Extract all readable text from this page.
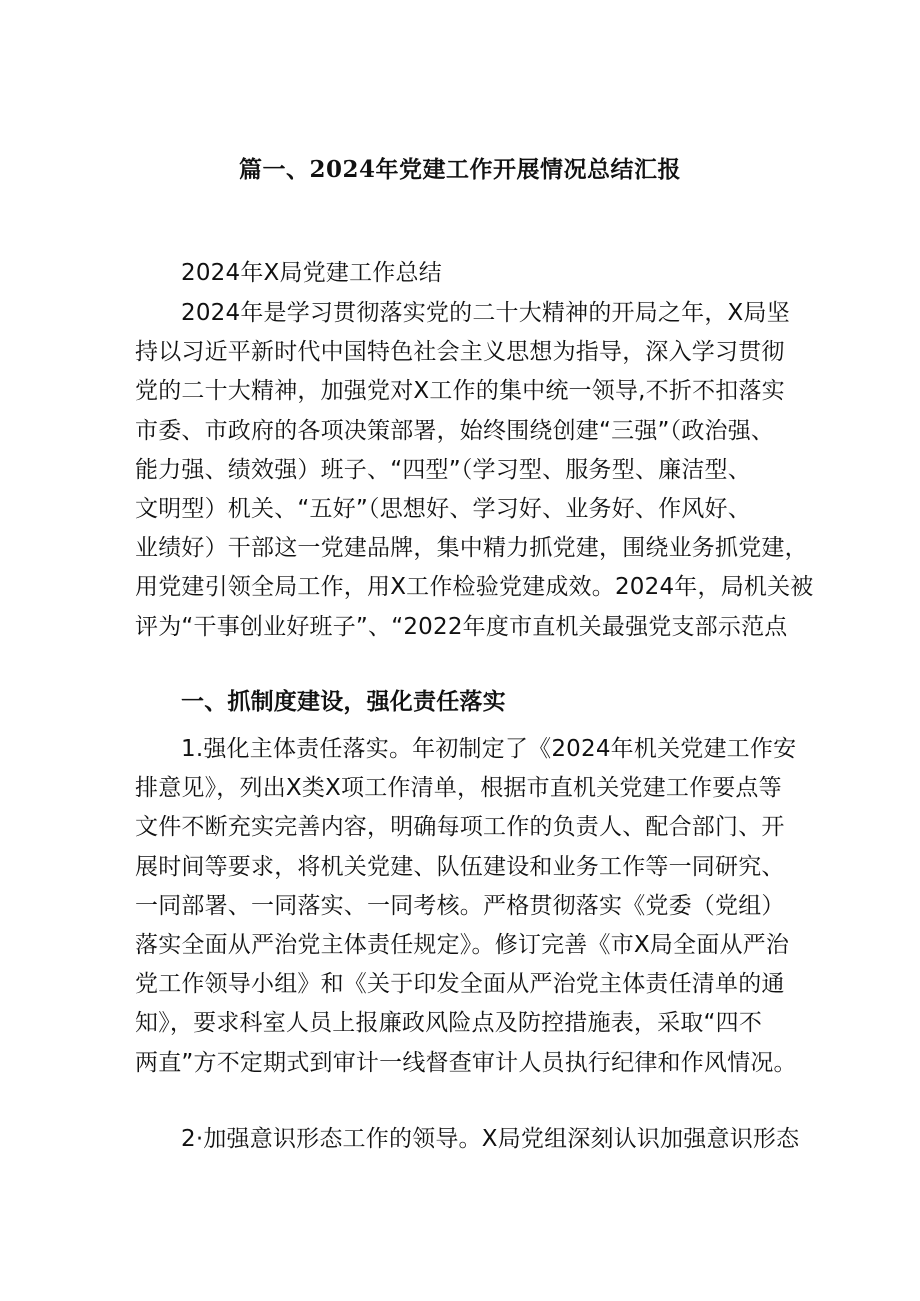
篇一、2024年党建工作开展情况总结汇报
2024年X局党建工作总结
2024年是学习贯彻落实党的二十大精神的开局之年，X局坚
持以习近平新时代中国特色社会主义思想为指导，深入学习贯彻
党的二十大精神，加强党对X工作的集中统一领导,不折不扣落实
市委、市政府的各项决策部署，始终围绕创建“三强”（政治强、
能力强、绩效强）班子、“四型”（学习型、服务型、廉洁型、
文明型）机关、“五好”（思想好、学习好、业务好、作风好、
业绩好）干部这一党建品牌，集中精力抓党建，围绕业务抓党建，
用党建引领全局工作，用X工作检验党建成效。2024年，局机关被
评为“干事创业好班子”、“2022年度市直机关最强党支部示范点
一、抓制度建设，强化责任落实
1.强化主体责任落实。年初制定了《2024年机关党建工作安
排意见》，列出X类X项工作清单，根据市直机关党建工作要点等
文件不断充实完善内容，明确每项工作的负责人、配合部门、开
展时间等要求，将机关党建、队伍建设和业务工作等一同研究、
一同部署、一同落实、一同考核。严格贯彻落实《党委（党组）
落实全面从严治党主体责任规定》。修订完善《市X局全面从严治
党工作领导小组》和《关于印发全面从严治党主体责任清单的通
知》，要求科室人员上报廉政风险点及防控措施表，采取“四不
两直”方不定期式到审计一线督查审计人员执行纪律和作风情况。
2·加强意识形态工作的领导。X局党组深刻认识加强意识形态
